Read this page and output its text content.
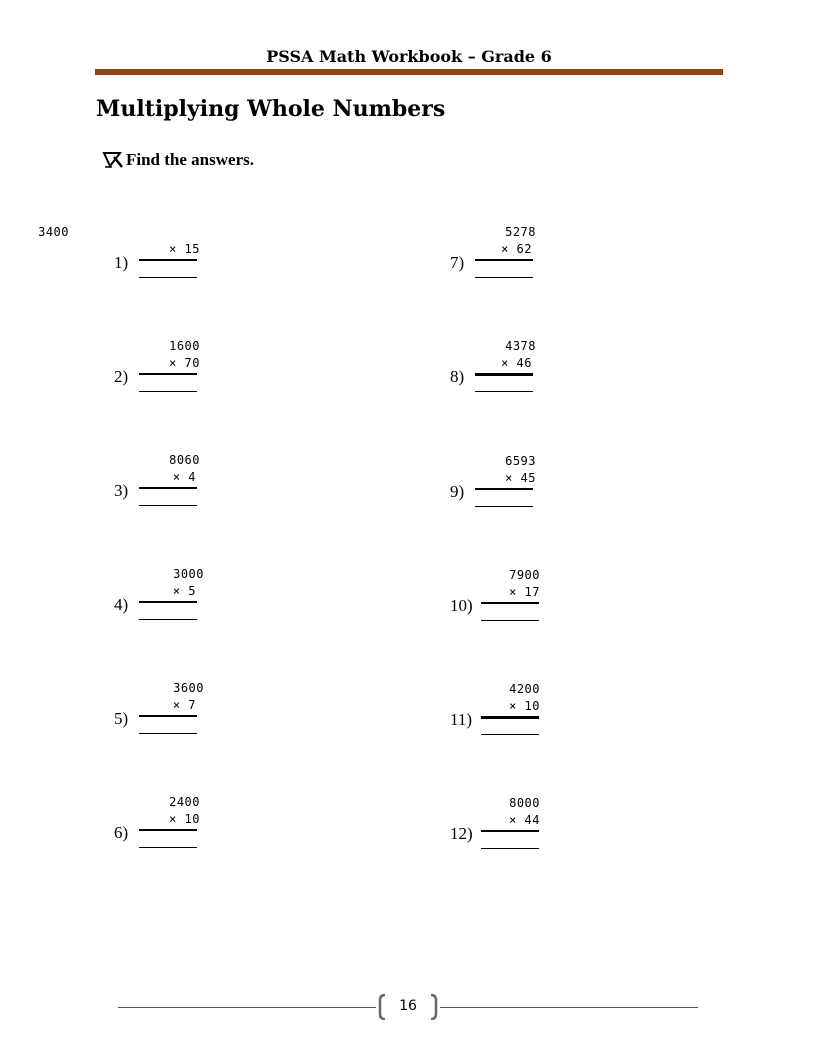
PSSA Math Workbook – Grade 6
Multiplying Whole Numbers
Find the answers.
1)
3400
× 15
2)
1600
× 70
3)
8060
× 4
4)
3000
× 5
5)
3600
× 7
6)
2400
× 10
7)
5278
× 62
8)
4378
× 46
9)
6593
× 45
10)
7900
× 17
11)
4200
× 10
12)
8000
× 44
16
